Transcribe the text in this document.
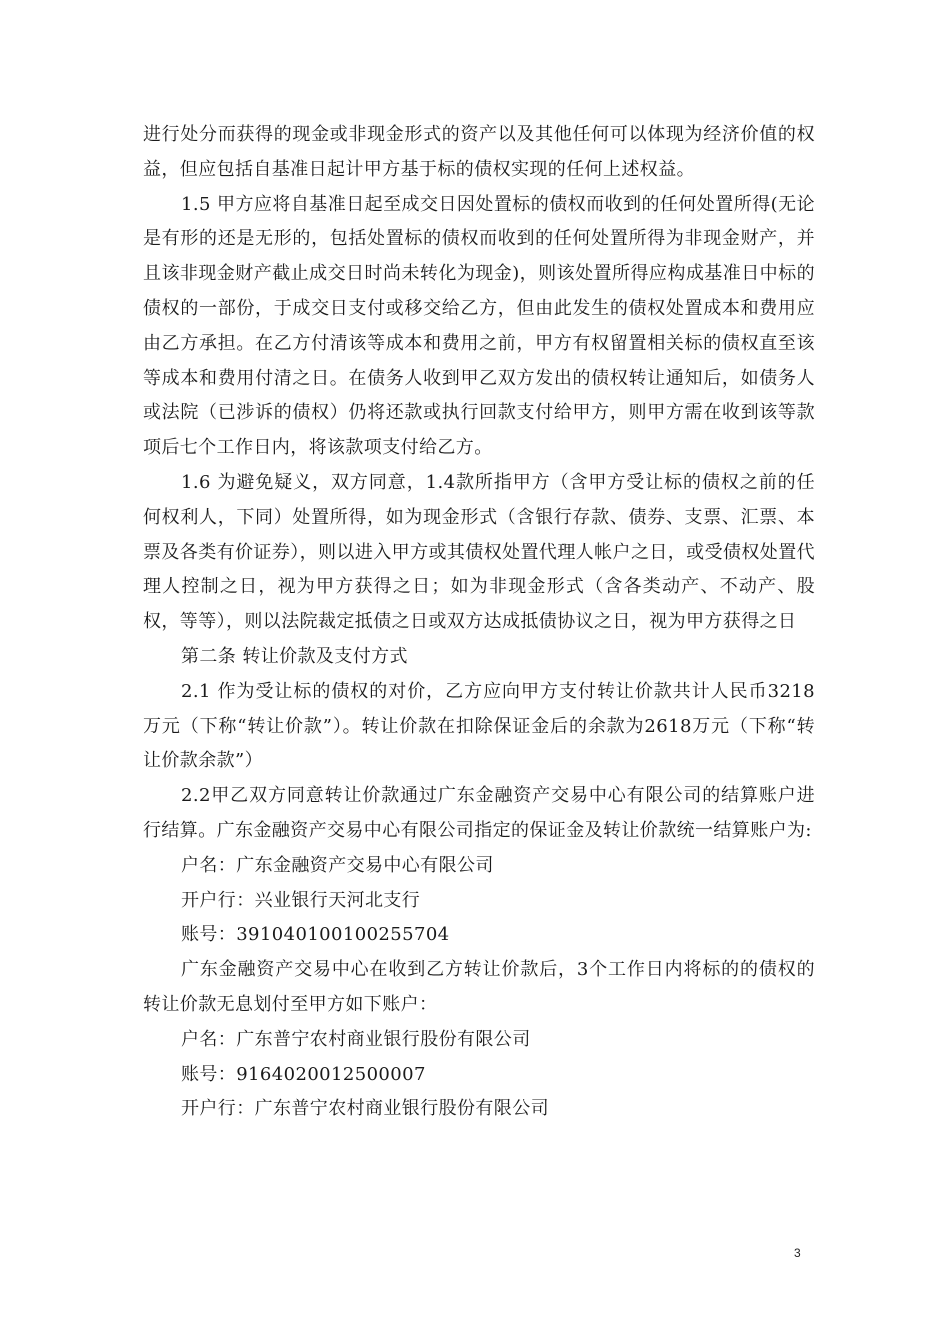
进行处分而获得的现金或非现金形式的资产以及其他任何可以体现为经济价值的权益，但应包括自基准日起计甲方基于标的债权实现的任何上述权益。

1.5 甲方应将自基准日起至成交日因处置标的债权而收到的任何处置所得(无论是有形的还是无形的，包括处置标的债权而收到的任何处置所得为非现金财产，并且该非现金财产截止成交日时尚未转化为现金)，则该处置所得应构成基准日中标的债权的一部份，于成交日支付或移交给乙方，但由此发生的债权处置成本和费用应由乙方承担。在乙方付清该等成本和费用之前，甲方有权留置相关标的债权直至该等成本和费用付清之日。在债务人收到甲乙双方发出的债权转让通知后，如债务人或法院（已涉诉的债权）仍将还款或执行回款支付给甲方，则甲方需在收到该等款项后七个工作日内，将该款项支付给乙方。

1.6 为避免疑义，双方同意，1.4款所指甲方（含甲方受让标的债权之前的任何权利人，下同）处置所得，如为现金形式（含银行存款、债券、支票、汇票、本票及各类有价证券），则以进入甲方或其债权处置代理人帐户之日，或受债权处置代理人控制之日，视为甲方获得之日；如为非现金形式（含各类动产、不动产、股权，等等），则以法院裁定抵债之日或双方达成抵债协议之日，视为甲方获得之日

第二条 转让价款及支付方式

2.1 作为受让标的债权的对价，乙方应向甲方支付转让价款共计人民币3218万元（下称“转让价款”）。转让价款在扣除保证金后的余款为2618万元（下称“转让价款余款”）

2.2甲乙双方同意转让价款通过广东金融资产交易中心有限公司的结算账户进行结算。广东金融资产交易中心有限公司指定的保证金及转让价款统一结算账户为:

户名：广东金融资产交易中心有限公司

开户行：兴业银行天河北支行

账号：391040100100255704

广东金融资产交易中心在收到乙方转让价款后，3个工作日内将标的的债权的转让价款无息划付至甲方如下账户：

户名：广东普宁农村商业银行股份有限公司

账号：9164020012500007

开户行：广东普宁农村商业银行股份有限公司

3
